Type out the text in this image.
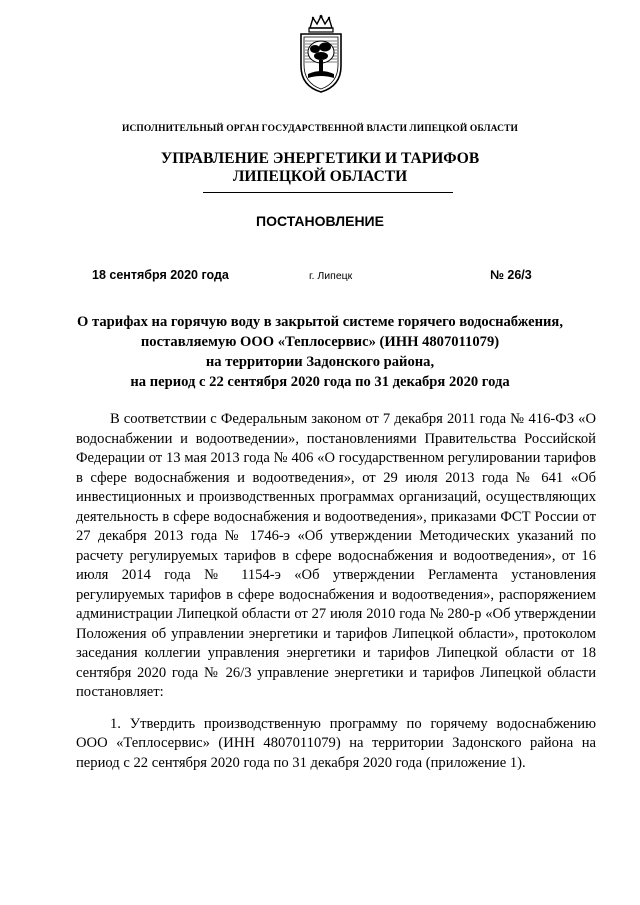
ИСПОЛНИТЕЛЬНЫЙ ОРГАН ГОСУДАРСТВЕННОЙ ВЛАСТИ ЛИПЕЦКОЙ ОБЛАСТИ
УПРАВЛЕНИЕ ЭНЕРГЕТИКИ И ТАРИФОВ
ЛИПЕЦКОЙ ОБЛАСТИ
ПОСТАНОВЛЕНИЕ
18 сентября 2020 года	г. Липецк	№ 26/3
О тарифах на горячую воду в закрытой системе горячего водоснабжения,
поставляемую ООО «Теплосервис» (ИНН 4807011079)
на территории Задонского района,
на период с 22 сентября 2020 года по 31 декабря 2020 года

В соответствии с Федеральным законом от 7 декабря 2011 года № 416-ФЗ «О водоснабжении и водоотведении», постановлениями Правительства Российской Федерации от 13 мая 2013 года № 406 «О государственном регулировании тарифов в сфере водоснабжения и водоотведения», от 29 июля 2013 года № 641 «Об инвестиционных и производственных программах организаций, осуществляющих деятельность в сфере водоснабжения и водоотведения», приказами ФСТ России от 27 декабря 2013 года № 1746-э «Об утверждении Методических указаний по расчету регулируемых тарифов в сфере водоснабжения и водоотведения», от 16 июля 2014 года № 1154-э «Об утверждении Регламента установления регулируемых тарифов в сфере водоснабжения и водоотведения», распоряжением администрации Липецкой области от 27 июля 2010 года № 280-р «Об утверждении Положения об управлении энергетики и тарифов Липецкой области», протоколом заседания коллегии управления энергетики и тарифов Липецкой области от 18 сентября 2020 года № 26/3 управление энергетики и тарифов Липецкой области постановляет:

1. Утвердить производственную программу по горячему водоснабжению ООО «Теплосервис» (ИНН 4807011079) на территории Задонского района на период с 22 сентября 2020 года по 31 декабря 2020 года (приложение 1).
